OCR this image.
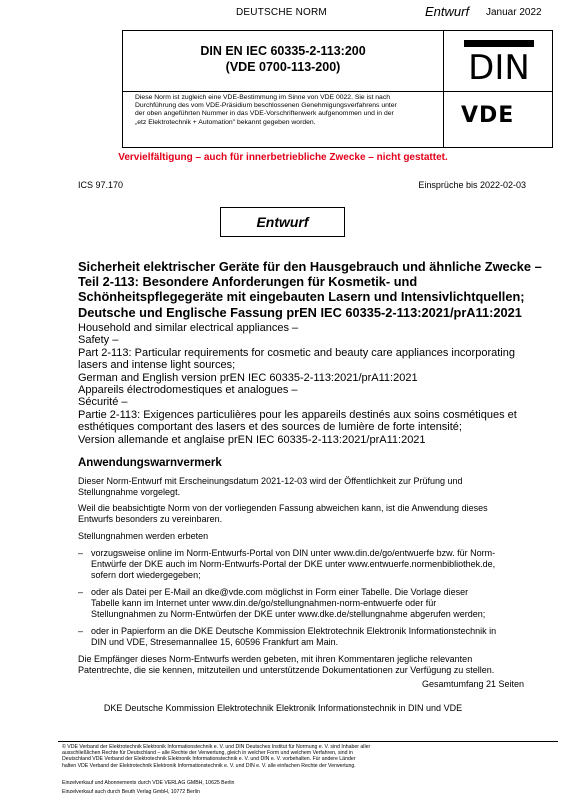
DEUTSCHE NORM	Entwurf Januar 2022
DIN EN IEC 60335-2-113:200
(VDE 0700-113-200)	DIN
VDE
Diese Norm ist zugleich eine VDE-Bestimmung im Sinne von VDE 0022. Sie ist nach
Durchführung des vom VDE-Präsidium beschlossenen Genehmigungsverfahrens unter
der oben angeführten Nummer in das VDE-Vorschriftenwerk aufgenommen und in der
„etz Elektrotechnik + Automation" bekannt gegeben worden.
Vervielfältigung – auch für innerbetriebliche Zwecke – nicht gestattet.
ICS 97.170	Einsprüche bis 2022-02-03
Entwurf
Sicherheit elektrischer Geräte für den Hausgebrauch und ähnliche Zwecke –
Teil 2-113: Besondere Anforderungen für Kosmetik- und
Schönheitspflegegeräte mit eingebauten Lasern und Intensivlichtquellen;
Deutsche und Englische Fassung prEN IEC 60335-2-113:2021/prA11:2021
Household and similar electrical appliances –
Safety –
Part 2-113: Particular requirements for cosmetic and beauty care appliances incorporating
lasers and intense light sources;
German and English version prEN IEC 60335-2-113:2021/prA11:2021
Appareils électrodomestiques et analogues –
Sécurité –
Partie 2-113: Exigences particulières pour les appareils destinés aux soins cosmétiques et
esthétiques comportant des lasers et des sources de lumière de forte intensité;
Version allemande et anglaise prEN IEC 60335-2-113:2021/prA11:2021
Anwendungswarnvermerk
Dieser Norm-Entwurf mit Erscheinungsdatum 2021-12-03 wird der Öffentlichkeit zur Prüfung und
Stellungnahme vorgelegt.
Weil die beabsichtigte Norm von der vorliegenden Fassung abweichen kann, ist die Anwendung dieses
Entwurfs besonders zu vereinbaren.
Stellungnahmen werden erbeten
– vorzugsweise online im Norm-Entwurfs-Portal von DIN unter www.din.de/go/entwuerfe bzw. für Norm-
Entwürfe der DKE auch im Norm-Entwurfs-Portal der DKE unter www.entwuerfe.normenbibliothek.de,
sofern dort wiedergegeben;
– oder als Datei per E-Mail an dke@vde.com möglichst in Form einer Tabelle. Die Vorlage dieser
Tabelle kann im Internet unter www.din.de/go/stellungnahmen-norm-entwuerfe oder für
Stellungnahmen zu Norm-Entwürfen der DKE unter www.dke.de/stellungnahme abgerufen werden;
– oder in Papierform an die DKE Deutsche Kommission Elektrotechnik Elektronik Informationstechnik in
DIN und VDE, Stresemannallee 15, 60596 Frankfurt am Main.
Die Empfänger dieses Norm-Entwurfs werden gebeten, mit ihren Kommentaren jegliche relevanten
Patentrechte, die sie kennen, mitzuteilen und unterstützende Dokumentationen zur Verfügung zu stellen.
Gesamtumfang 21 Seiten
DKE Deutsche Kommission Elektrotechnik Elektronik Informationstechnik in DIN und VDE
© VDE Verband der Elektrotechnik Elektronik Informationstechnik e. V. und DIN Deutsches Institut für Normung e. V. sind Inhaber aller
ausschließlichen Rechte für Deutschland – alle Rechte der Verwertung, gleich in welcher Form und welchem Verfahren, sind in
Deutschland VDE Verband der Elektrotechnik Elektronik Informationstechnik e. V. und DIN e. V. vorbehalten. Für andere Länder
halten VDE Verband der Elektrotechnik Elektronik Informationstechnik e. V. und DIN e. V. alle einfachen Rechte der Verwertung.
Einzelverkauf und Abonnements durch VDE VERLAG GMBH, 10625 Berlin
Einzelverkauf auch durch Beuth Verlag GmbH, 10772 Berlin
